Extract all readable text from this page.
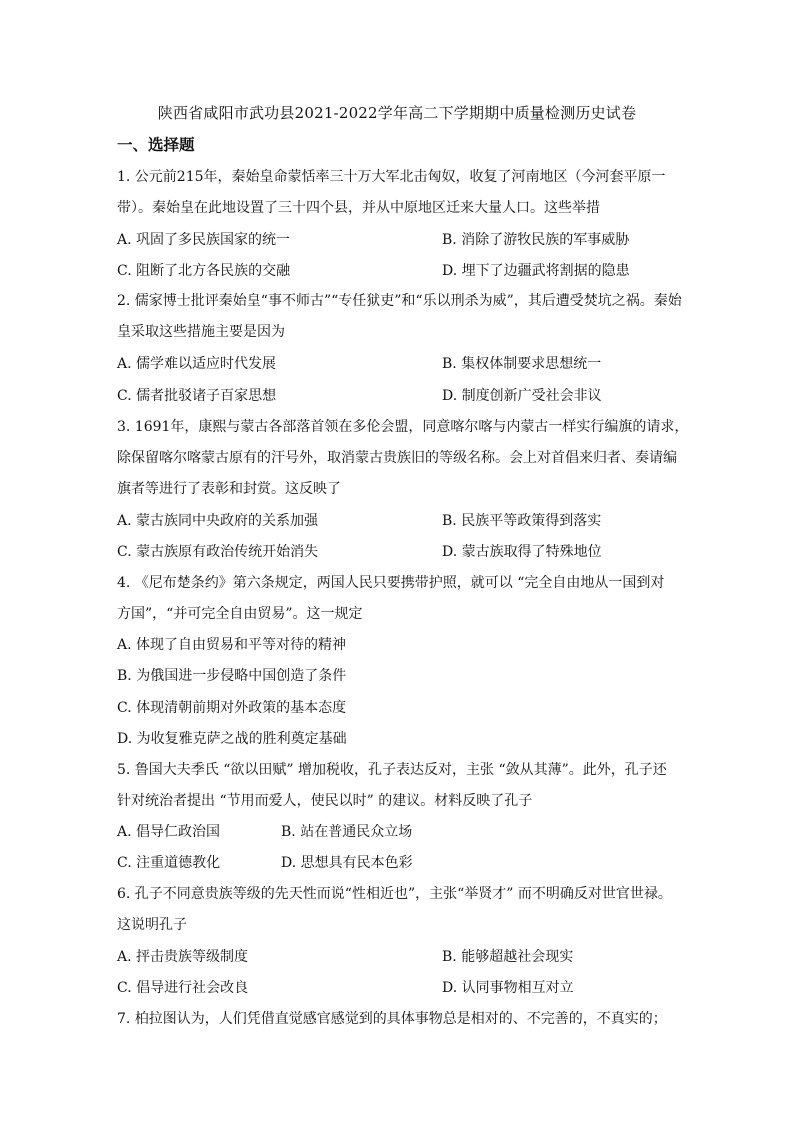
陕西省咸阳市武功县2021-2022学年高二下学期期中质量检测历史试卷
一、选择题
1. 公元前215年，秦始皇命蒙恬率三十万大军北击匈奴，收复了河南地区（今河套平原一
带）。秦始皇在此地设置了三十四个县，并从中原地区迁来大量人口。这些举措
A. 巩固了多民族国家的统一	B. 消除了游牧民族的军事威胁
C. 阻断了北方各民族的交融	D. 埋下了边疆武将割据的隐患
2. 儒家博士批评秦始皇“事不师古”“专任狱吏”和“乐以刑杀为威”，其后遭受焚坑之祸。秦始
皇采取这些措施主要是因为
A. 儒学难以适应时代发展	B. 集权体制要求思想统一
C. 儒者批驳诸子百家思想	D. 制度创新广受社会非议
3. 1691年，康熙与蒙古各部落首领在多伦会盟，同意喀尔喀与内蒙古一样实行编旗的请求，
除保留喀尔喀蒙古原有的汗号外，取消蒙古贵族旧的等级名称。会上对首倡来归者、奏请编
旗者等进行了表彰和封赏。这反映了
A. 蒙古族同中央政府的关系加强	B. 民族平等政策得到落实
C. 蒙古族原有政治传统开始消失	D. 蒙古族取得了特殊地位
4. 《尼布楚条约》第六条规定，两国人民只要携带护照，就可以 “完全自由地从一国到对
方国”，“并可完全自由贸易”。这一规定
A. 体现了自由贸易和平等对待的精神
B. 为俄国进一步侵略中国创造了条件
C. 体现清朝前期对外政策的基本态度
D. 为收复雅克萨之战的胜利奠定基础
5. 鲁国大夫季氏 “欲以田赋” 增加税收，孔子表达反对，主张 “敛从其薄”。此外，孔子还
针对统治者提出 “节用而爱人，使民以时” 的建议。材料反映了孔子
A. 倡导仁政治国	B. 站在普通民众立场
C. 注重道德教化	D. 思想具有民本色彩
6. 孔子不同意贵族等级的先天性而说“性相近也”，主张“举贤才” 而不明确反对世官世禄。
这说明孔子
A. 抨击贵族等级制度	B. 能够超越社会现实
C. 倡导进行社会改良	D. 认同事物相互对立
7. 柏拉图认为，人们凭借直觉感官感觉到的具体事物总是相对的、不完善的，不真实的；
